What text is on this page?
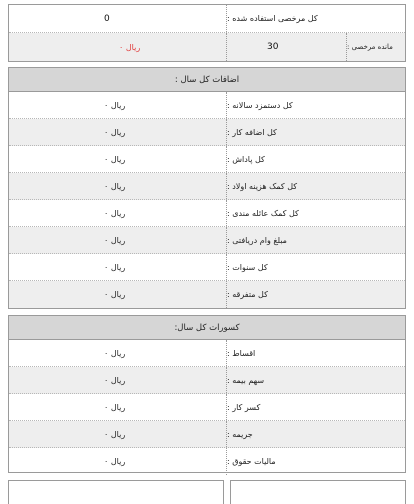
0	کل مرخصی استفاده شده :
ریال ۰	30	مانده مرخصی :
اضافات کل سال :
ریال ۰	کل دستمزد سالانه :
ریال ۰	کل اضافه کار :
ریال ۰	کل پاداش :
ریال ۰	کل کمک هزینه اولاد :
ریال ۰	کل کمک عائله مندی :
ریال ۰	مبلغ وام دریافتی :
ریال ۰	کل سنوات :
ریال ۰	کل متفرقه :
کسورات کل سال:
ریال ۰	اقساط :
ریال ۰	سهم بیمه :
ریال ۰	کسر کار :
ریال ۰	جریمه :
ریال ۰	مالیات حقوق :
